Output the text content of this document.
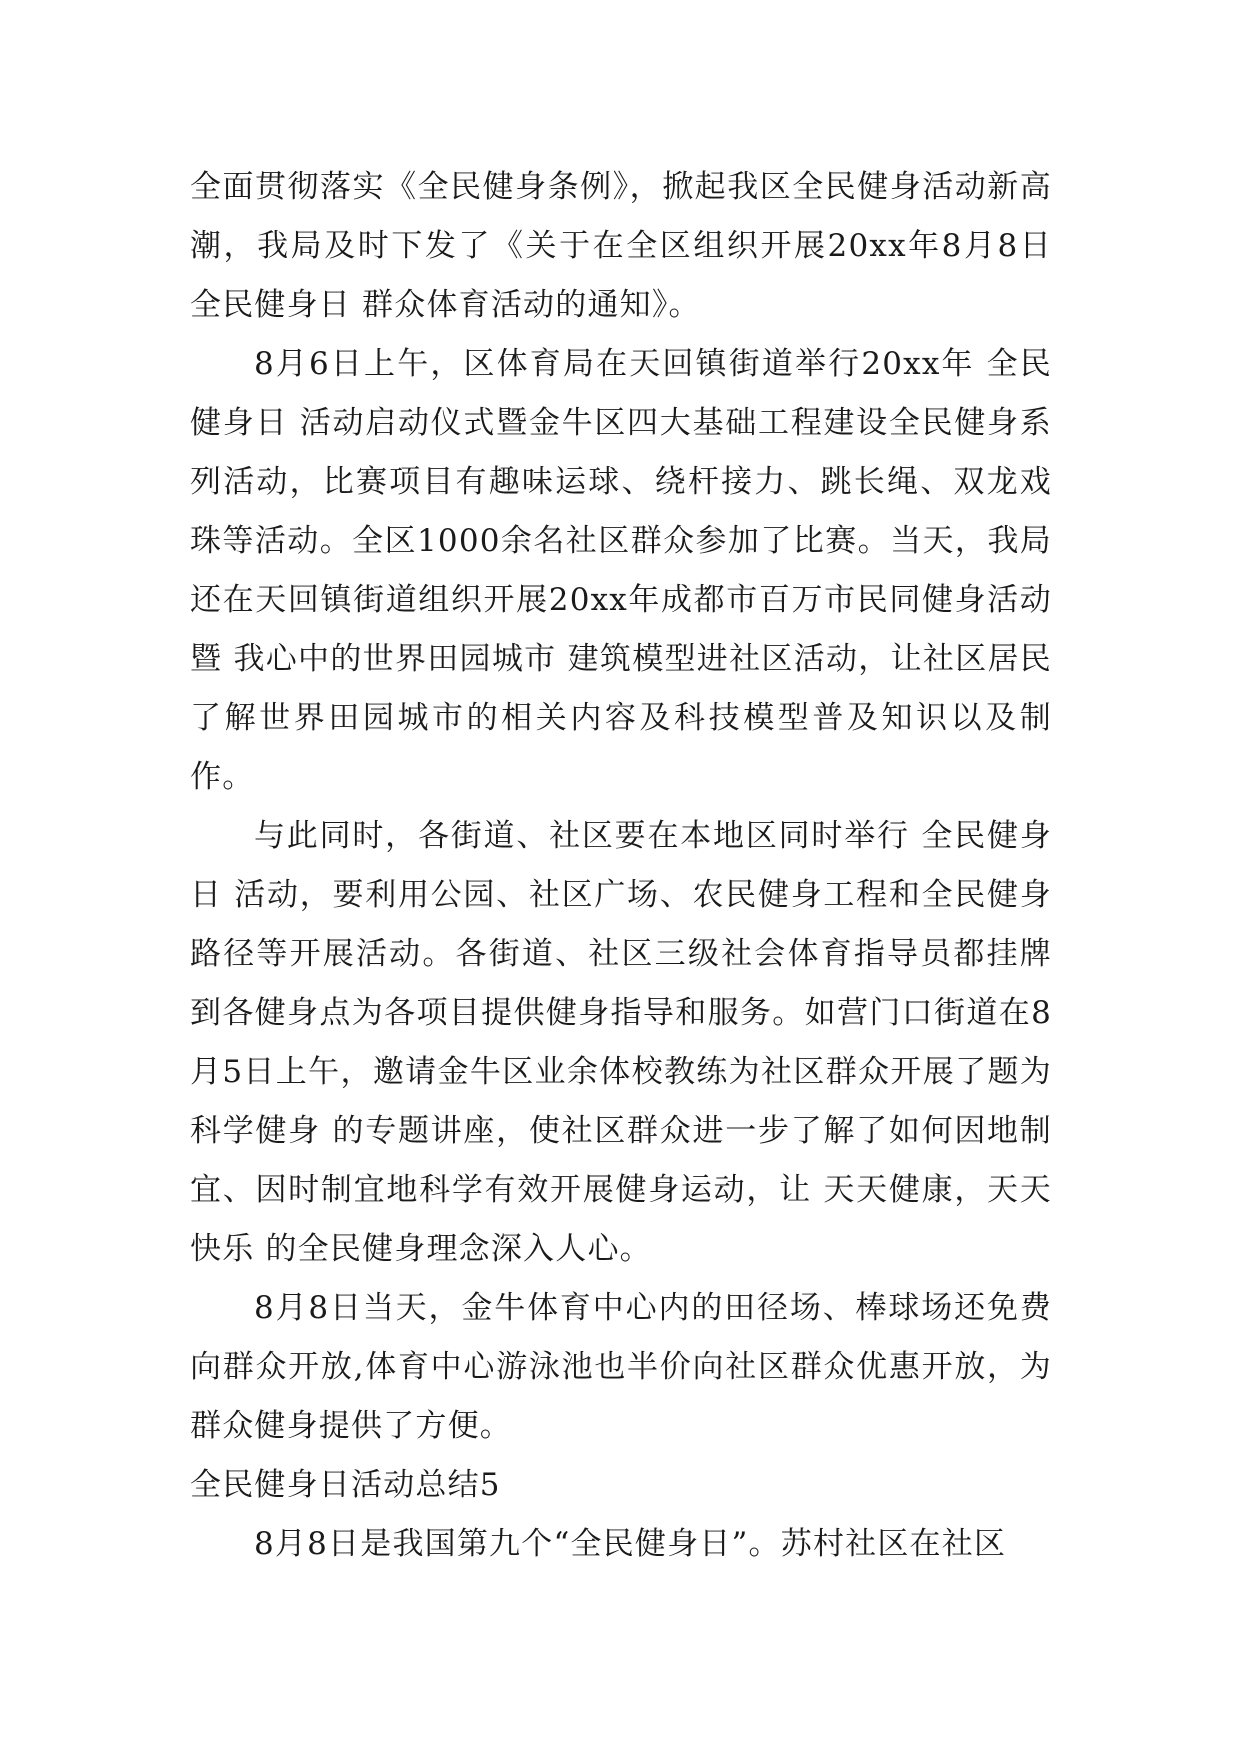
全面贯彻落实《全民健身条例》，掀起我区全民健身活动新高潮，我局及时下发了《关于在全区组织开展20xx年8月8日 全民健身日 群众体育活动的通知》。

8月6日上午，区体育局在天回镇街道举行20xx年 全民健身日 活动启动仪式暨金牛区四大基础工程建设全民健身系列活动，比赛项目有趣味运球、绕杆接力、跳长绳、双龙戏珠等活动。全区1000余名社区群众参加了比赛。当天，我局还在天回镇街道组织开展20xx年成都市百万市民同健身活动暨 我心中的世界田园城市 建筑模型进社区活动，让社区居民了解世界田园城市的相关内容及科技模型普及知识以及制作。

与此同时，各街道、社区要在本地区同时举行 全民健身日 活动，要利用公园、社区广场、农民健身工程和全民健身路径等开展活动。各街道、社区三级社会体育指导员都挂牌到各健身点为各项目提供健身指导和服务。如营门口街道在8月5日上午，邀请金牛区业余体校教练为社区群众开展了题为 科学健身 的专题讲座，使社区群众进一步了解了如何因地制宜、因时制宜地科学有效开展健身运动，让 天天健康，天天快乐 的全民健身理念深入人心。

8月8日当天，金牛体育中心内的田径场、棒球场还免费向群众开放,体育中心游泳池也半价向社区群众优惠开放，为群众健身提供了方便。

全民健身日活动总结5

8月8日是我国第九个“全民健身日”。苏村社区在社区
